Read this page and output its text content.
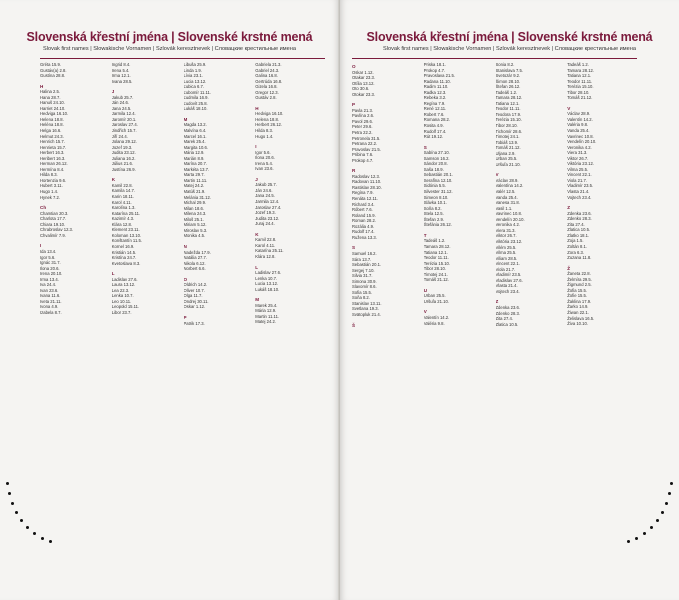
Slovenská křestní jména | Slovenské krstné mená

Slovak first names | Slowakische Vornamen | Szlovák keresztnevek | Словацкие крестильные имена

Gréta 15.9.
Gustáv(a) 2.8.
Gustína 28.8.
H
Halina 2.5.
Hana 28.7.
Hanuš 24.10.
Harriet 24.10.
Hedviga 16.10.
Helena 18.8.
Heléna 18.8.
Helga 16.6.
Helmut 24.3.
Henrich 15.7.
Henrieta 15.7.
Herbert 16.3.
Heribert 16.3.
Herman 26.12.
Hermína 8.4.
Hilda 8.3.
Hortenzia 9.6.
Hubert 3.11.
Hugo 1.4.
Hynek 7.2.
Ch
Chamtian 20.3.
Charlota 17.7.
Chiara 19.10.
Chrabroslav 12.3.
Chvalimír 7.9.
I
Ida 13.4.
Igor 5.6.
Ignác 31.7.
Ilona 20.6.
Irena 20.10.
Irma 13.4.
Iva 24.4.
Ivan 23.6.
Ivana 11.6.
Iveta 21.11.
Ivona 4.9.
Izabela 8.7.
Ingrid 8.4.
Irena 5.4.
Irma 12.1.
Ivana 28.5.
J
Jakub 25.7.
Ján 24.6.
Jana 24.5.
Jarmila 12.4.
Jaromír 20.1.
Jaroslav 27.4.
Jindřich 15.7.
Jiří 24.4.
Jolana 29.12.
Jozef 19.3.
Judita 23.12.
Juliana 16.2.
Július 21.6.
Justína 26.9.
K
Kamil 22.8.
Kamila 14.7.
Karin 18.11.
Karol 4.11.
Karolína 1.3.
Katarína 25.11.
Kazimír 4.3.
Klára 12.8.
Klement 23.11.
Koloman 13.10.
Konštantín 11.5.
Kornel 16.9.
Kristián 14.5.
Kristína 24.7.
Kvetoslava 8.3.
L
Ladislav 27.6.
Laura 13.12.
Lea 22.3.
Lenka 10.7.
Leo 10.11.
Leopold 15.11.
Libor 23.7.
Libuša 25.9.
Linda 1.9.
Lívia 23.1.
Lucia 13.12.
Ľubica 6.7.
Ľubomír 11.11.
Ľudmila 16.9.
Ľudovít 25.8.
Lukáš 18.10.
M
Magda 13.2.
Malvína 6.4.
Marcel 16.1.
Marek 25.4.
Margita 10.6.
Mária 12.9.
Marián 8.9.
Marína 20.7.
Markéta 13.7.
Marta 29.7.
Martin 11.11.
Matej 24.2.
Matúš 21.9.
Melánia 31.12.
Michal 29.9.
Milan 18.6.
Milena 24.3.
Miloš 25.1.
Miriam 5.12.
Miroslav 5.3.
Monika 4.5.
N
Nadežda 17.9.
Natália 27.7.
Nikola 6.12.
Norbert 6.6.
O
Oldrich 14.2.
Oliver 10.7.
Olga 11.7.
Ondrej 30.11.
Oskar 1.12.
P
Patrik 17.3.
Gabriela 21.3.
Gabriel 24.3.
Galina 16.8.
Gertrúda 16.8.
Gizela 16.8.
Gregor 12.3.
Gustáv 2.8.
H
Hedviga 16.10.
Helena 18.8.
Herbert 26.12.
Hilda 8.3.
Hugo 1.4.
I
Igor 5.6.
Ilona 20.6.
Irena 5.4.
Ivan 23.6.
J
Jakub 25.7.
Ján 24.6.
Jana 24.5.
Jarmila 12.4.
Jaroslav 27.4.
Jozef 19.3.
Judita 23.12.
Juraj 24.4.
K
Kamil 22.8.
Karol 4.11.
Katarína 25.11.
Klára 12.8.
L
Ladislav 27.6.
Lenka 10.7.
Lucia 13.12.
Lukáš 18.10.
M
Marek 25.4.
Mária 12.9.
Martin 11.11.
Matej 24.2.
Slovenská křestní jména | Slovenské krstné mená

Slovak first names | Slowakische Vornamen | Szlovák keresztnevek | Словацкие крестильные имена

O
Oskar 1.12.
Otakar 23.3.
Otília 13.12.
Oto 30.6.
Otokar 23.3.
P
Pavla 21.3.
Pavlína 2.6.
Pavol 29.6.
Peter 29.6.
Petra 22.2.
Petronela 31.5.
Petrana 22.2.
Pravoslav 21.5.
Pribina 7.6.
Prokop 4.7.
R
Radoslav 12.3.
Radovan 11.10.
Rastislav 28.10.
Regína 7.9.
Renáta 12.11.
Richard 3.4.
Róbert 7.6.
Roland 15.9.
Roman 28.2.
Rozália 4.9.
Rudolf 17.4.
Ružena 13.3.
S
Samuel 16.2.
Sára 13.7.
Sebastián 20.1.
Sergej 7.10.
Silvia 31.7.
Simona 30.9.
Slavomír 8.6.
Sofia 15.5.
Soňa 8.2.
Stanislav 13.11.
Svetlana 19.3.
Svätopluk 21.4.
Š
Priska 18.1.
Prokop 4.7.
Pravoslava 21.5.
Radana 11.10.
Radim 11.10.
Radka 12.3.
Rebeka 3.2.
Regína 7.9.
René 12.11.
Robert 7.6.
Romana 28.2.
Rosita 4.9.
Rudolf 17.4.
Rút 19.12.
S
Sabína 27.10.
Samson 16.2.
Sándor 20.8.
Saša 18.9.
Sebastián 20.1.
Serafína 12.10.
Sidónia 5.5.
Silvester 31.12.
Simeon 8.10.
Slávka 10.1.
Soňa 8.2.
Stela 12.5.
Štefan 2.9.
Štefánia 26.12.
T
Tadeáš 1.2.
Tamara 28.12.
Tatiana 12.1.
Teodor 11.11.
Terézia 15.10.
Tibor 28.10.
Timotej 24.1.
Tomáš 21.12.
U
Urban 25.5.
Uršuľa 21.10.
V
Valentín 14.2.
Valéria 9.8.
Sonia 8.2.
Stanislava 7.5.
Svetozár 9.2.
Šimon 28.10.
Štefan 26.12.
Tadeáš 1.2.
Tamara 28.12.
Tatiana 12.1.
Teodor 11.11.
Teodora 17.9.
Terézia 15.10.
Tibor 28.10.
Tichomír 28.6.
Timotej 24.1.
Tobiáš 13.9.
Tomáš 21.12.
Uljana 2.9.
Urban 25.5.
Uršuľa 21.10.
V
Václav 28.9.
Valentína 14.2.
Valér 12.5.
Vanda 25.4.
Vanesa 31.8.
Vasil 1.1.
Vavrinec 10.8.
Vendelín 20.10.
Veronika 4.2.
Viera 31.3.
Viktor 26.7.
Viktória 23.12.
Vilém 25.5.
Vilma 25.5.
Viliam 28.5.
Vincent 22.1.
Viola 21.7.
Vladimír 23.5.
Vladislav 27.6.
Vlasta 21.4.
Vojtech 23.4.
Z
Zdenka 23.6.
Zdenko 28.3.
Zita 27.4.
Zlatica 10.5.
Tadeáš 1.2.
Tamara 28.12.
Tatiana 12.1.
Teodor 11.11.
Terézia 15.10.
Tibor 28.10.
Tomáš 21.12.
V
Václav 28.9.
Valentín 14.2.
Valéria 9.8.
Vanda 25.4.
Vavrinec 10.8.
Vendelín 20.10.
Veronika 4.2.
Viera 31.3.
Viktor 26.7.
Viktória 23.12.
Vilma 25.5.
Vincent 22.1.
Viola 21.7.
Vladimír 23.5.
Vlasta 21.4.
Vojtech 23.4.
Z
Zdenka 23.6.
Zdenko 28.3.
Zita 27.4.
Zlatica 10.5.
Zlatko 18.1.
Zoja 1.5.
Zoltán 8.1.
Zora 6.3.
Zuzana 11.8.
Ž
Žaneta 22.8.
Želmíra 29.5.
Žigmund 2.5.
Žofia 15.5.
Žofie 15.5.
Žaklina 17.9.
Žarko 14.9.
Žiwan 22.1.
Želislava 16.5.
Živa 10.10.
